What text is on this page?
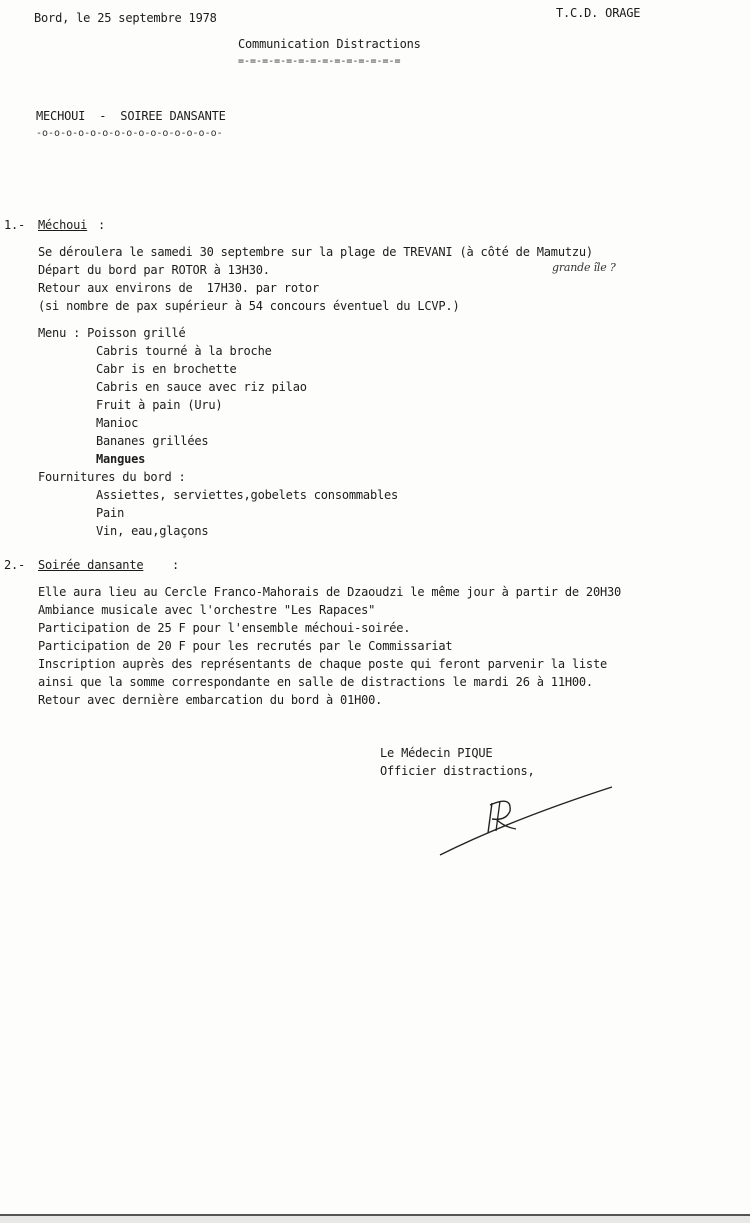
Bord, le 25 septembre 1978	T.C.D. ORAGE
Communication Distractions
=-=-=-=-=-=-=-=-=-=-=-=-=-=
MECHOUI  -  SOIREE DANSANTE
-o-o-o-o-o-o-o-o-o-o-o-o-o-o-o-
1.- Méchoui :
Se déroulera le samedi 30 septembre sur la plage de TREVANI (à côté de Mamutzu)
Départ du bord par ROTOR à 13H30.
Retour aux environs de  17H30. par rotor
(si nombre de pax supérieur à 54 concours éventuel du LCVP.)
grande île ?
Menu : Poisson grillé
Cabris tourné à la broche
Cabr is en brochette
Cabris en sauce avec riz pilao
Fruit à pain (Uru)
Manioc
Bananes grillées
Mangues
Fournitures du bord :
Assiettes, serviettes,gobelets consommables
Pain
Vin, eau,glaçons
2.- Soirée dansante :
Elle aura lieu au Cercle Franco-Mahorais de Dzaoudzi le même jour à partir de 20H30
Ambiance musicale avec l'orchestre "Les Rapaces"
Participation de 25 F pour l'ensemble méchoui-soirée.
Participation de 20 F pour les recrutés par le Commissariat
Inscription auprès des représentants de chaque poste qui feront parvenir la liste
ainsi que la somme correspondante en salle de distractions le mardi 26 à 11H00.
Retour avec dernière embarcation du bord à 01H00.
Le Médecin PIQUE
Officier distractions,
